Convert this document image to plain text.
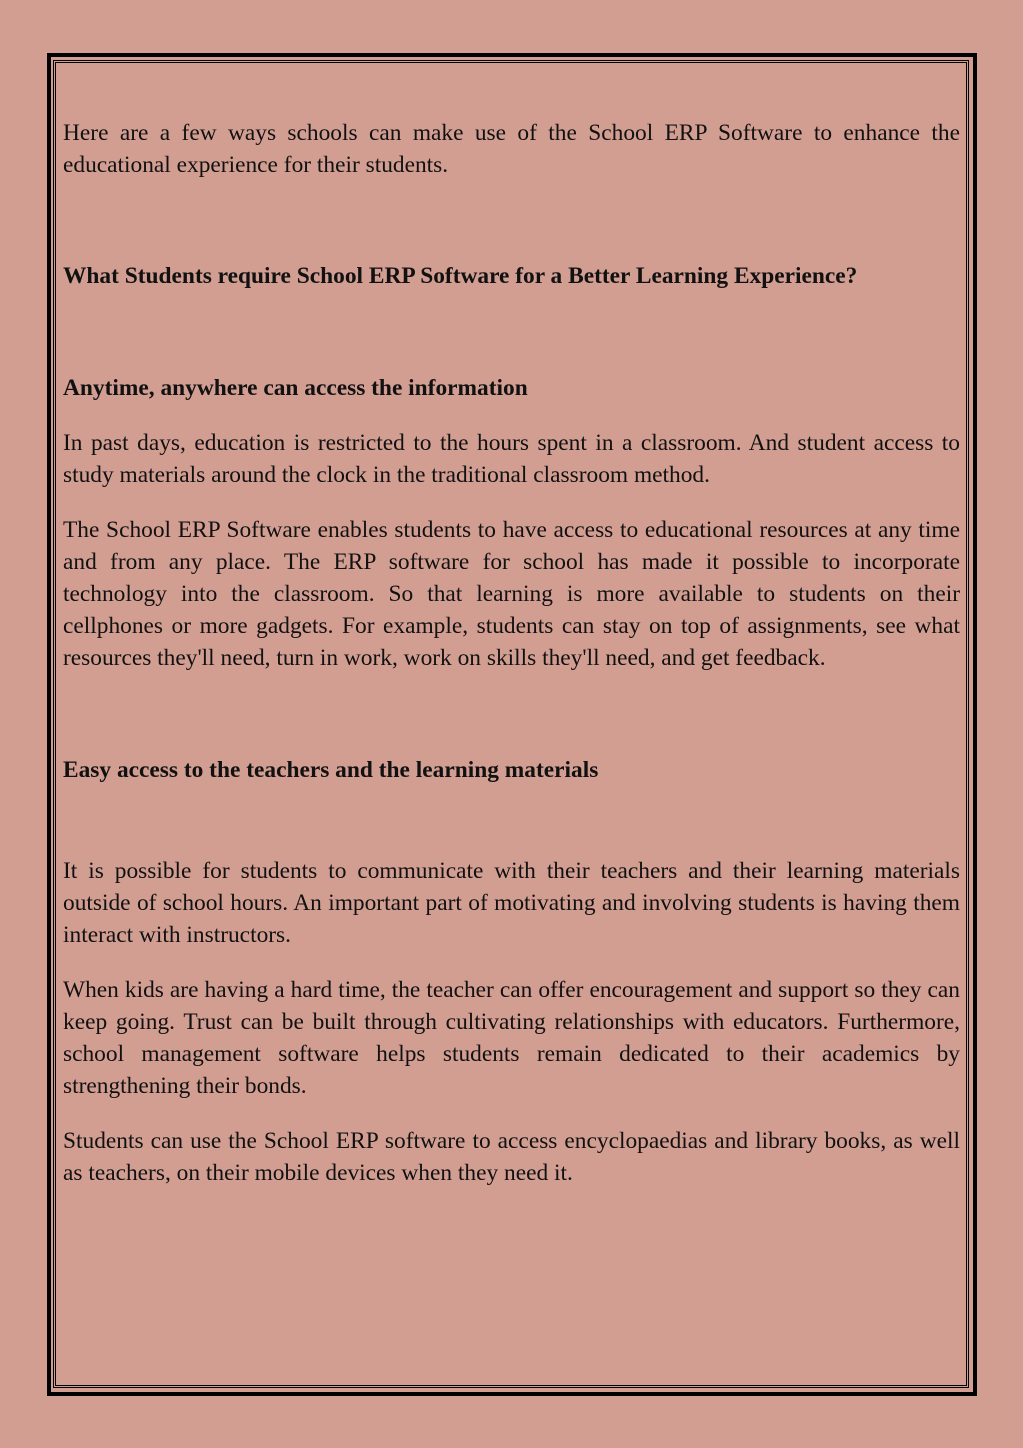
Here are a few ways schools can make use of the School ERP Software to enhance the educational experience for their students.

What Students require School ERP Software for a Better Learning Experience?

Anytime, anywhere can access the information

In past days, education is restricted to the hours spent in a classroom. And student access to study materials around the clock in the traditional classroom method.

The School ERP Software enables students to have access to educational resources at any time and from any place. The ERP software for school has made it possible to incorporate technology into the classroom. So that learning is more available to students on their cellphones or more gadgets. For example, students can stay on top of assignments, see what resources they'll need, turn in work, work on skills they'll need, and get feedback.

Easy access to the teachers and the learning materials

It is possible for students to communicate with their teachers and their learning materials outside of school hours. An important part of motivating and involving students is having them interact with instructors.

When kids are having a hard time, the teacher can offer encouragement and support so they can keep going. Trust can be built through cultivating relationships with educators. Furthermore, school management software helps students remain dedicated to their academics by strengthening their bonds.

Students can use the School ERP software to access encyclopaedias and library books, as well as teachers, on their mobile devices when they need it.
